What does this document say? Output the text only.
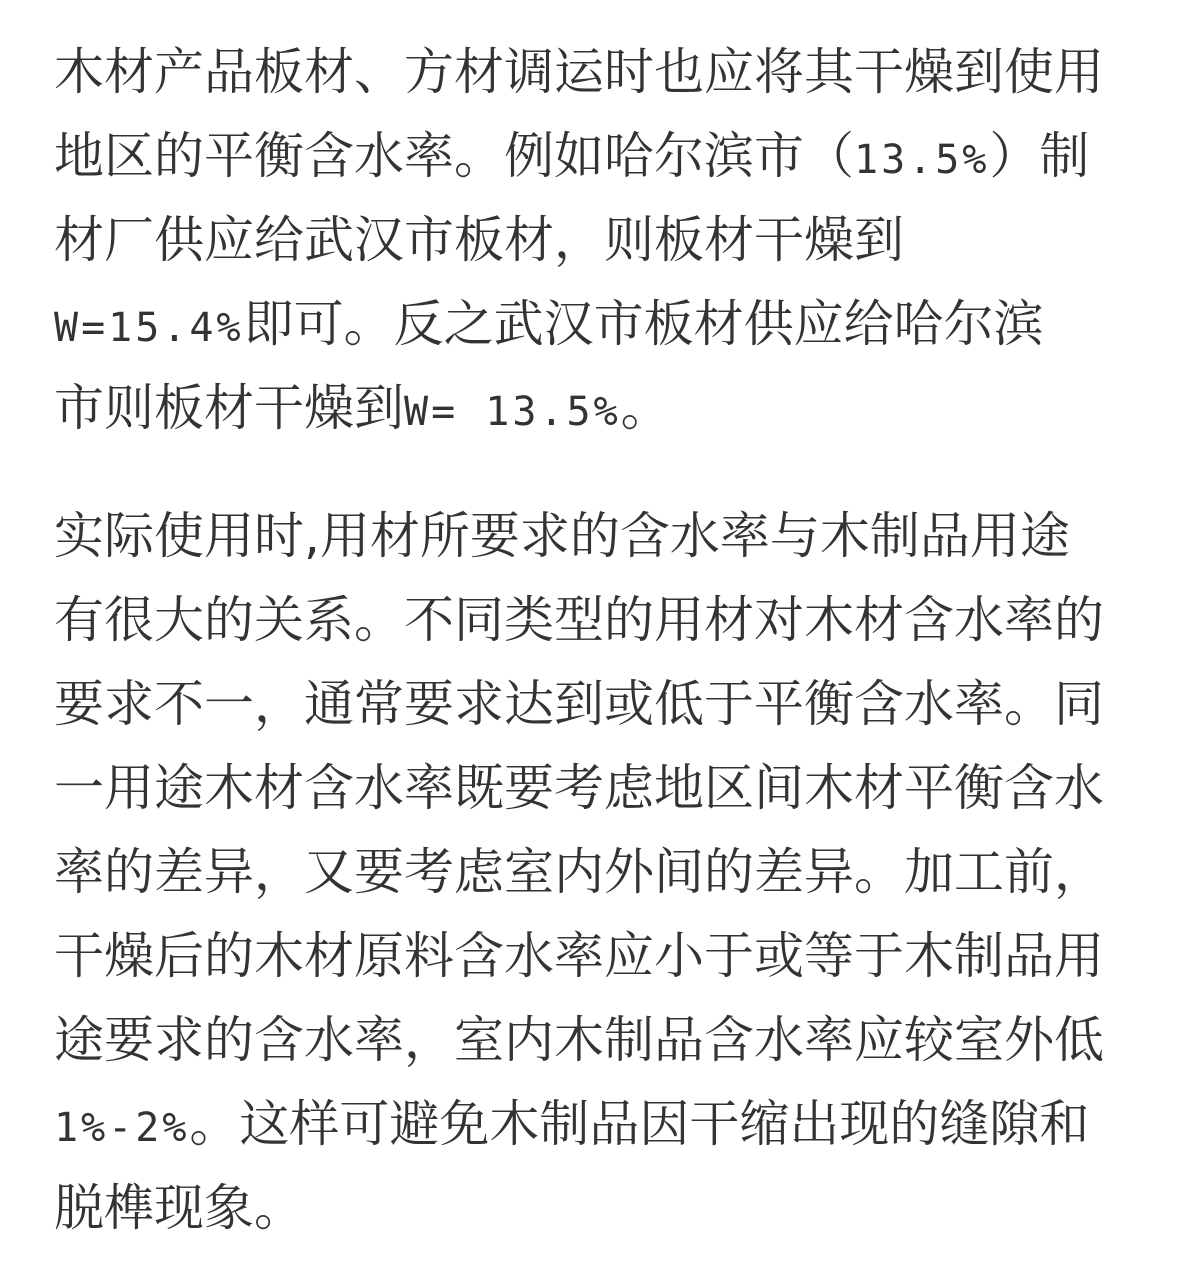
木材产品板材、方材调运时也应将其干燥到使用
地区的平衡含水率。例如哈尔滨市（13.5%）制
材厂供应给武汉市板材，则板材干燥到
W=15.4%即可。反之武汉市板材供应给哈尔滨
市则板材干燥到W= 13.5%。
实际使用时,用材所要求的含水率与木制品用途
有很大的关系。不同类型的用材对木材含水率的
要求不一，通常要求达到或低于平衡含水率。同
一用途木材含水率既要考虑地区间木材平衡含水
率的差异，又要考虑室内外间的差异。加工前，
干燥后的木材原料含水率应小于或等于木制品用
途要求的含水率，室内木制品含水率应较室外低
1%-2%。这样可避免木制品因干缩出现的缝隙和
脱榫现象。
